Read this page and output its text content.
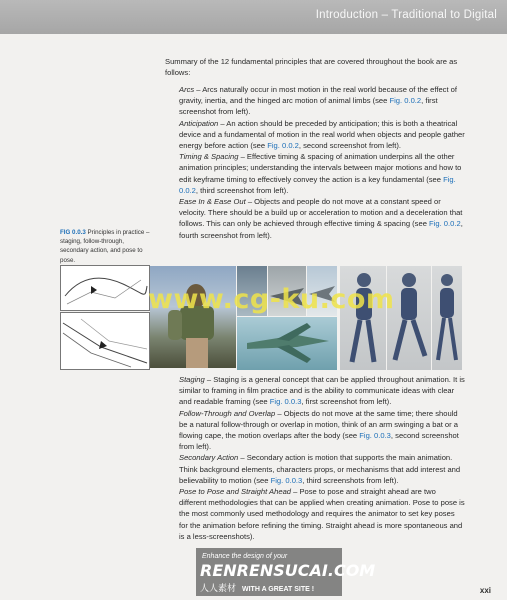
Introduction – Traditional to Digital

Summary of the 12 fundamental principles that are covered throughout the book are as follows:

Arcs – Arcs naturally occur in most motion in the real world because of the effect of gravity, inertia, and the hinged arc motion of animal limbs (see Fig. 0.0.2, first screenshot from left).

Anticipation – An action should be preceded by anticipation; this is both a theatrical device and a fundamental of motion in the real world when objects and people gather energy before action (see Fig. 0.0.2, second screenshot from left).

Timing & Spacing – Effective timing & spacing of animation underpins all the other animation principles; understanding the intervals between major motions and how to edit keyframe timing to effectively convey the action is a key fundamental (see Fig. 0.0.2, third screenshot from left).

Ease In & Ease Out – Objects and people do not move at a constant speed or velocity. There should be a build up or acceleration to motion and a deceleration that follows. This can only be achieved through effective timing & spacing (see Fig. 0.0.2, fourth screenshot from left).

FIG 0.0.3 Principles in practice – staging, follow-through, secondary action, and pose to pose.
www.cg-ku.com

Staging – Staging is a general concept that can be applied throughout animation. It is similar to framing in film practice and is the ability to communicate ideas with clear and readable framing (see Fig. 0.0.3, first screenshot from left).

Follow-Through and Overlap – Objects do not move at the same time; there should be a natural follow-through or overlap in motion, think of an arm swinging a bat or a flowing cape, the motion overlaps after the body (see Fig. 0.0.3, second screenshot from left).

Secondary Action – Secondary action is motion that supports the main animation. Think background elements, characters props, or mechanisms that add interest and believability to motion (see Fig. 0.0.3, third screenshots from left).

Pose to Pose and Straight Ahead – Pose to pose and straight ahead are two different methodologies that can be applied when creating animation. Pose to pose is the most commonly used methodology and requires the animator to set key poses for the animation before refining the timing. Straight ahead is more spontaneous and is a less-screenshots).

Enhance the design of your
RENRENSUCAI.COM
人人素材 WITH A GREAT SITE !	xxi
